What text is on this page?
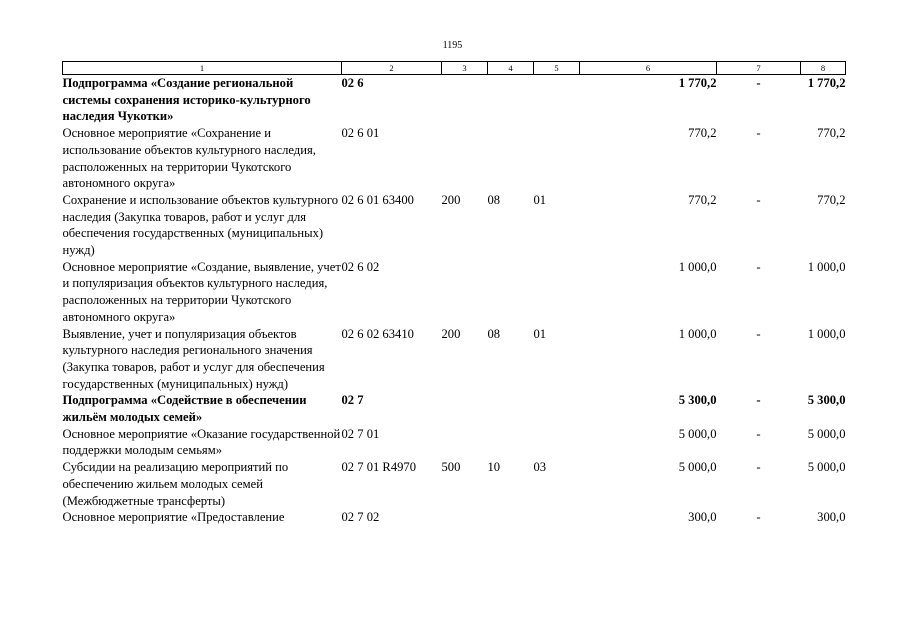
1195
1	2	3	4	5	6	7	8
Подпрограмма «Создание региональной системы сохранения историко-культурного наследия Чукотки»	02 6				1 770,2	-	1 770,2
Основное мероприятие «Сохранение и использование объектов культурного наследия, расположенных на территории Чукотского автономного округа»	02 6 01				770,2	-	770,2
Сохранение и использование объектов культурного наследия (Закупка товаров, работ и услуг для обеспечения государственных (муниципальных) нужд)	02 6 01 63400	200	08	01	770,2	-	770,2
Основное мероприятие «Создание, выявление, учет и популяризация объектов культурного наследия, расположенных на территории Чукотского автономного округа»	02 6 02				1 000,0	-	1 000,0
Выявление, учет и популяризация объектов культурного наследия регионального значения (Закупка товаров, работ и услуг для обеспечения государственных (муниципальных) нужд)	02 6 02 63410	200	08	01	1 000,0	-	1 000,0
Подпрограмма «Содействие в обеспечении жильём молодых семей»	02 7				5 300,0	-	5 300,0
Основное мероприятие «Оказание государственной поддержки молодым семьям»	02 7 01				5 000,0	-	5 000,0
Субсидии на реализацию мероприятий по обеспечению жильем молодых семей (Межбюджетные трансферты)	02 7 01 R4970	500	10	03	5 000,0	-	5 000,0
Основное мероприятие «Предоставление	02 7 02				300,0	-	300,0
